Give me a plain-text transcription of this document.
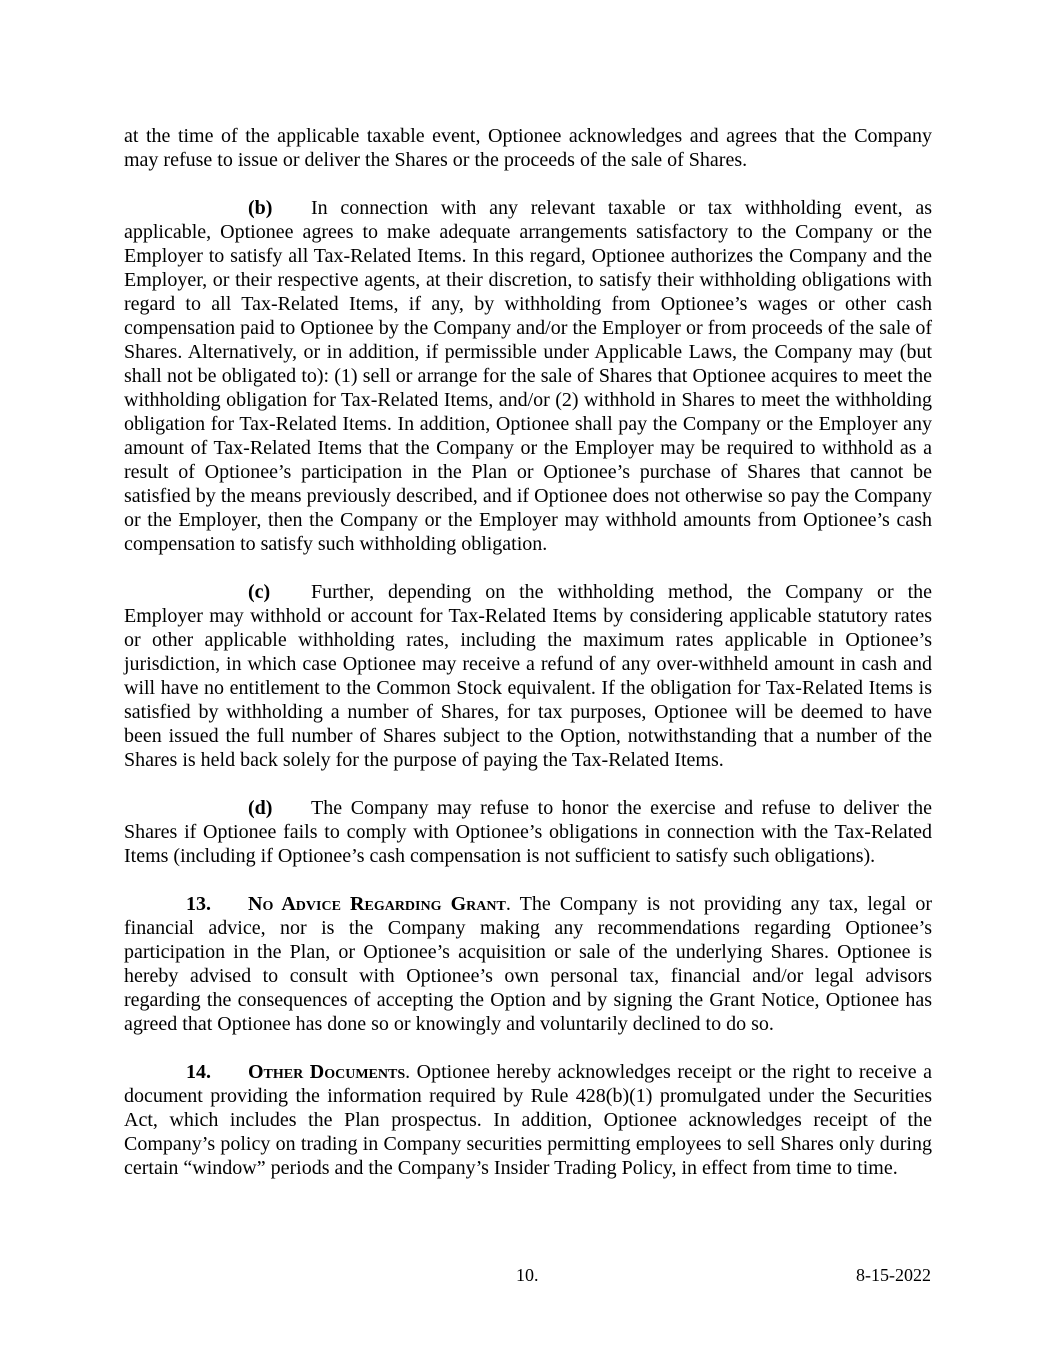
at the time of the applicable taxable event, Optionee acknowledges and agrees that the Company may refuse to issue or deliver the Shares or the proceeds of the sale of Shares.

(b) In connection with any relevant taxable or tax withholding event, as applicable, Optionee agrees to make adequate arrangements satisfactory to the Company or the Employer to satisfy all Tax-Related Items. In this regard, Optionee authorizes the Company and the Employer, or their respective agents, at their discretion, to satisfy their withholding obligations with regard to all Tax-Related Items, if any, by withholding from Optionee’s wages or other cash compensation paid to Optionee by the Company and/or the Employer or from proceeds of the sale of Shares. Alternatively, or in addition, if permissible under Applicable Laws, the Company may (but shall not be obligated to): (1) sell or arrange for the sale of Shares that Optionee acquires to meet the withholding obligation for Tax-Related Items, and/or (2) withhold in Shares to meet the withholding obligation for Tax-Related Items. In addition, Optionee shall pay the Company or the Employer any amount of Tax-Related Items that the Company or the Employer may be required to withhold as a result of Optionee’s participation in the Plan or Optionee’s purchase of Shares that cannot be satisfied by the means previously described, and if Optionee does not otherwise so pay the Company or the Employer, then the Company or the Employer may withhold amounts from Optionee’s cash compensation to satisfy such withholding obligation.

(c) Further, depending on the withholding method, the Company or the Employer may withhold or account for Tax-Related Items by considering applicable statutory rates or other applicable withholding rates, including the maximum rates applicable in Optionee’s jurisdiction, in which case Optionee may receive a refund of any over-withheld amount in cash and will have no entitlement to the Common Stock equivalent. If the obligation for Tax-Related Items is satisfied by withholding a number of Shares, for tax purposes, Optionee will be deemed to have been issued the full number of Shares subject to the Option, notwithstanding that a number of the Shares is held back solely for the purpose of paying the Tax-Related Items.

(d) The Company may refuse to honor the exercise and refuse to deliver the Shares if Optionee fails to comply with Optionee’s obligations in connection with the Tax-Related Items (including if Optionee’s cash compensation is not sufficient to satisfy such obligations).

13. No Advice Regarding Grant. The Company is not providing any tax, legal or financial advice, nor is the Company making any recommendations regarding Optionee’s participation in the Plan, or Optionee’s acquisition or sale of the underlying Shares. Optionee is hereby advised to consult with Optionee’s own personal tax, financial and/or legal advisors regarding the consequences of accepting the Option and by signing the Grant Notice, Optionee has agreed that Optionee has done so or knowingly and voluntarily declined to do so.

14. Other Documents. Optionee hereby acknowledges receipt or the right to receive a document providing the information required by Rule 428(b)(1) promulgated under the Securities Act, which includes the Plan prospectus. In addition, Optionee acknowledges receipt of the Company’s policy on trading in Company securities permitting employees to sell Shares only during certain “window” periods and the Company’s Insider Trading Policy, in effect from time to time.

10.	8-15-2022
